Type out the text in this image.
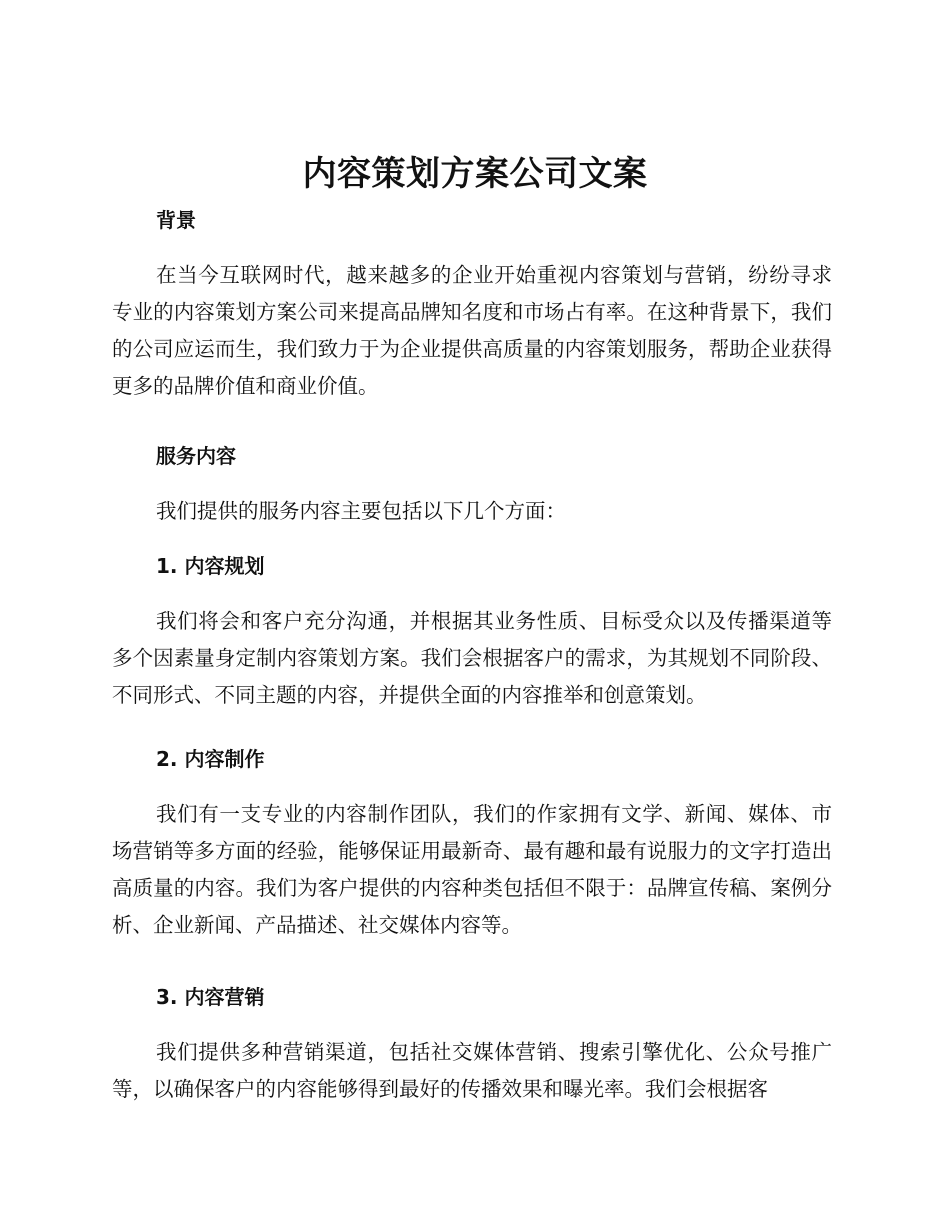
内容策划方案公司文案
背景
在当今互联网时代，越来越多的企业开始重视内容策划与营销，纷纷寻求专业的内容策划方案公司来提高品牌知名度和市场占有率。在这种背景下，我们的公司应运而生，我们致力于为企业提供高质量的内容策划服务，帮助企业获得更多的品牌价值和商业价值。
服务内容
我们提供的服务内容主要包括以下几个方面：
1. 内容规划
我们将会和客户充分沟通，并根据其业务性质、目标受众以及传播渠道等多个因素量身定制内容策划方案。我们会根据客户的需求，为其规划不同阶段、不同形式、不同主题的内容，并提供全面的内容推举和创意策划。
2. 内容制作
我们有一支专业的内容制作团队，我们的作家拥有文学、新闻、媒体、市场营销等多方面的经验，能够保证用最新奇、最有趣和最有说服力的文字打造出高质量的内容。我们为客户提供的内容种类包括但不限于：品牌宣传稿、案例分析、企业新闻、产品描述、社交媒体内容等。
3. 内容营销
我们提供多种营销渠道，包括社交媒体营销、搜索引擎优化、公众号推广等，以确保客户的内容能够得到最好的传播效果和曝光率。我们会根据客
